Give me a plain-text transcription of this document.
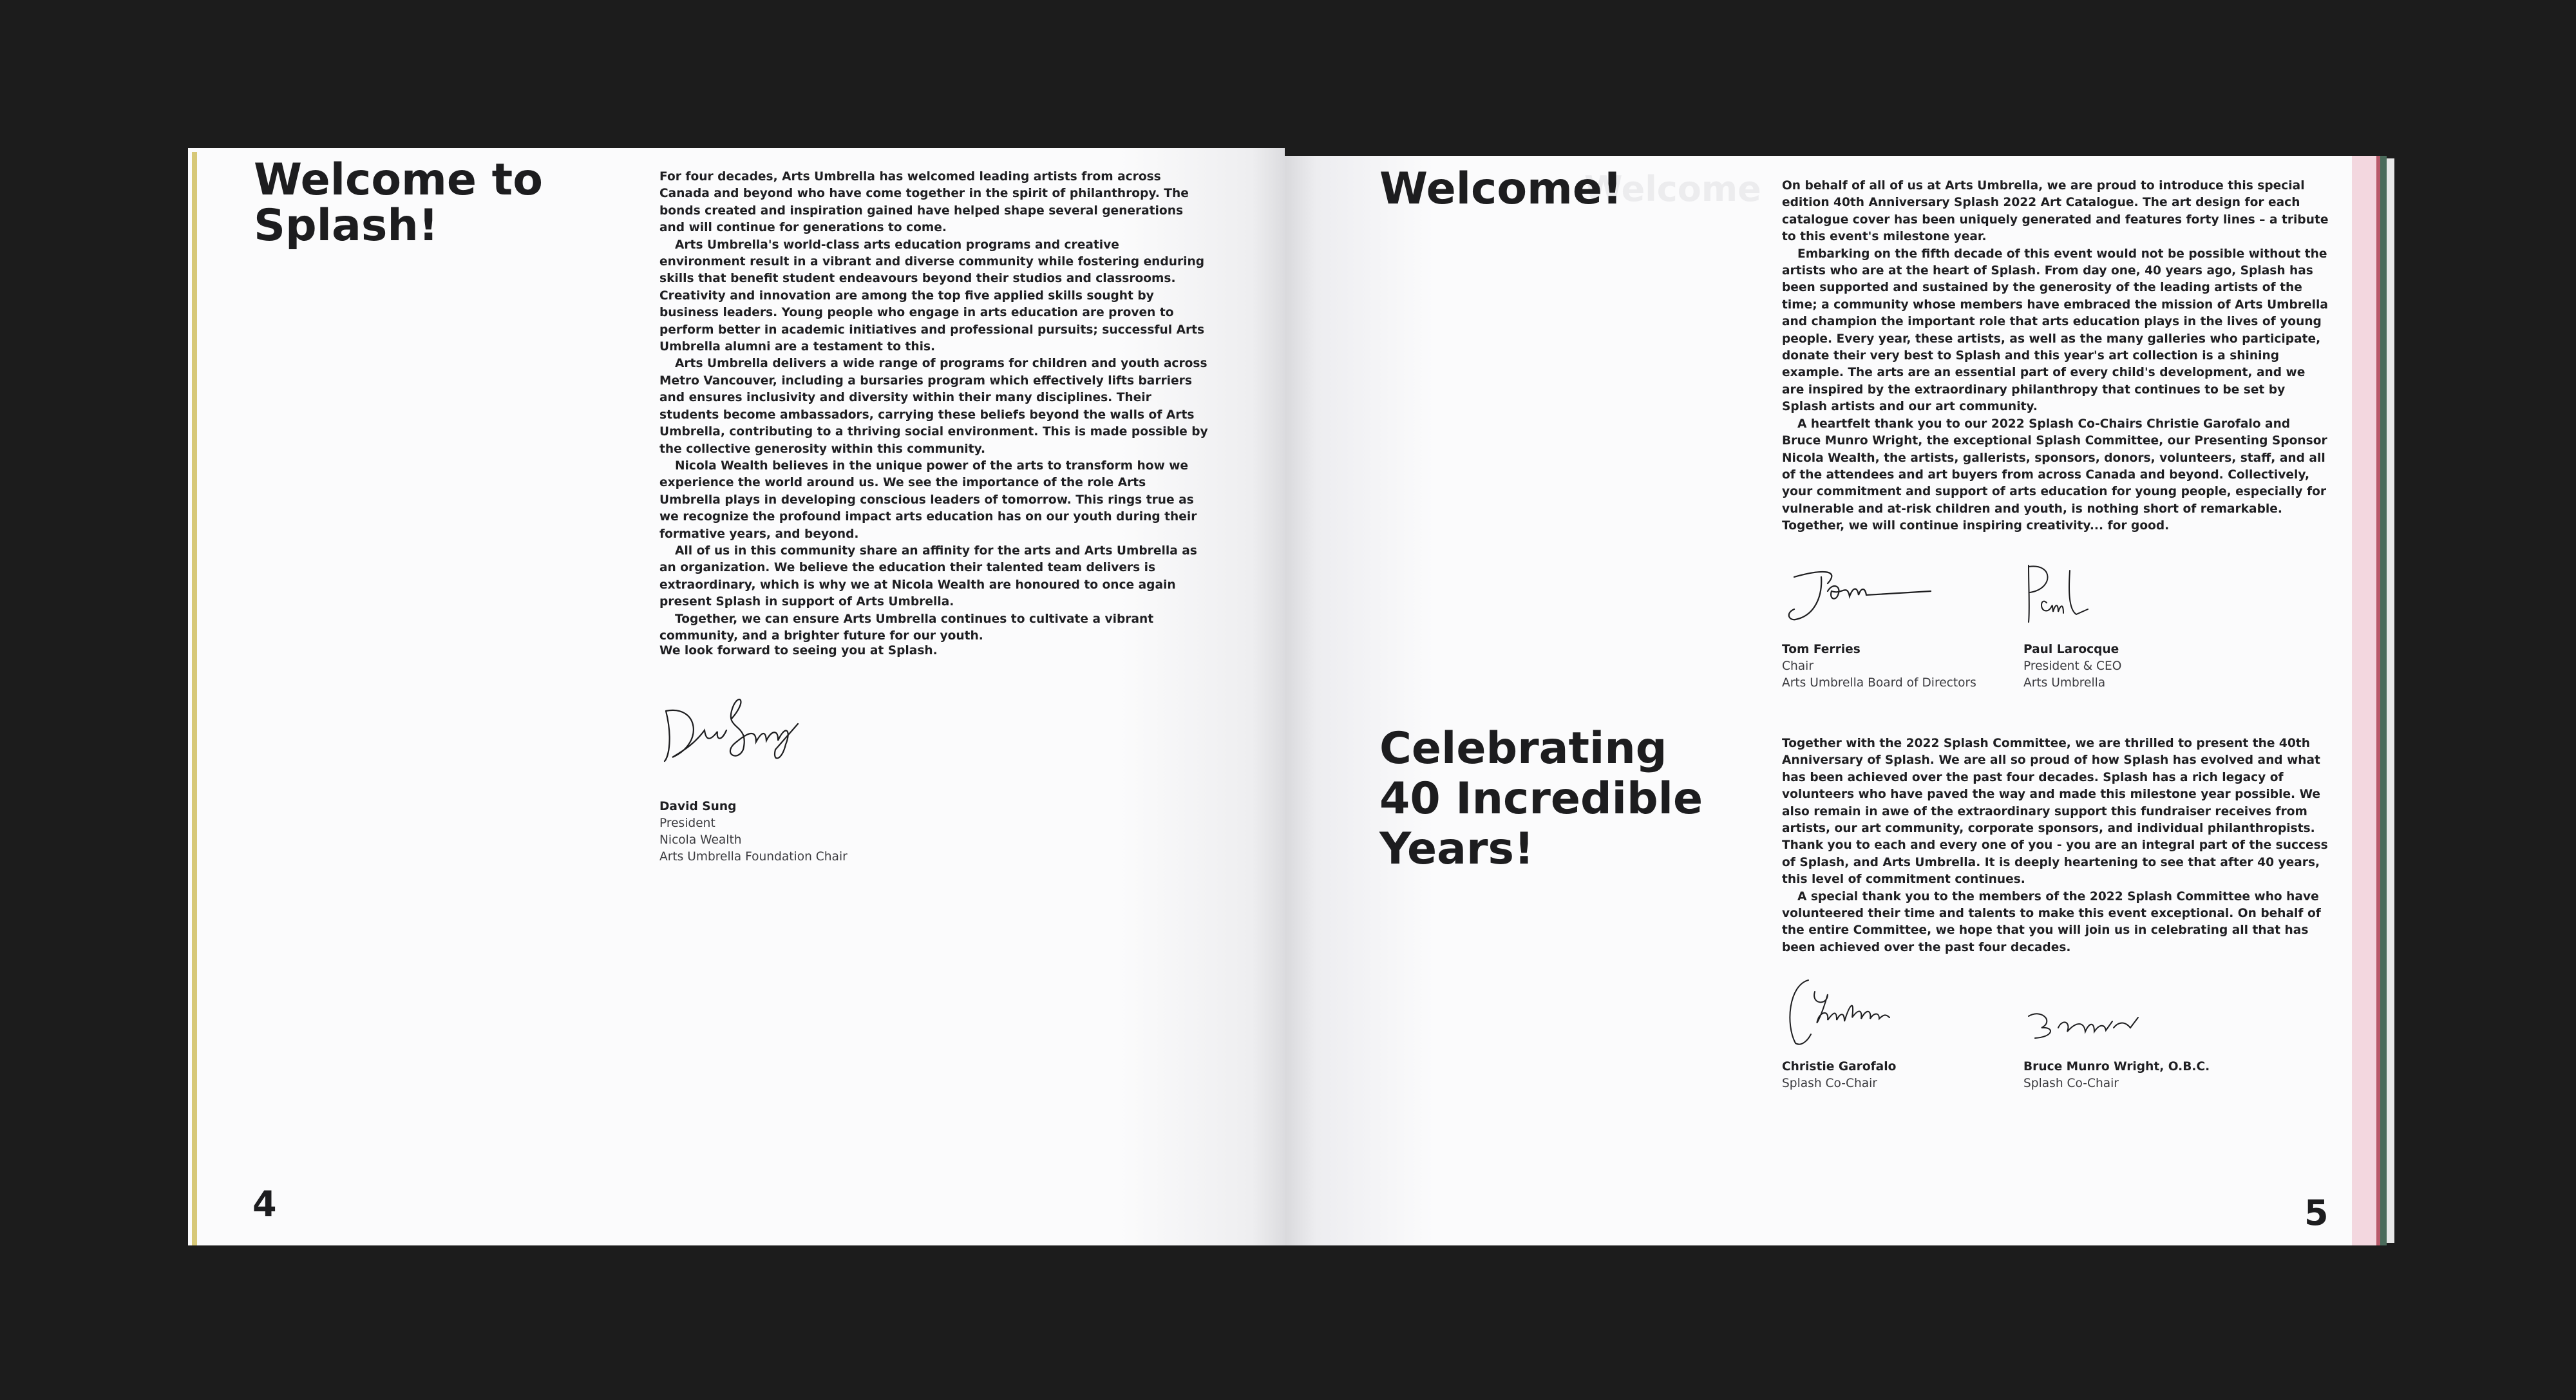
Welcome to Splash!

For four decades, Arts Umbrella has welcomed leading artists from across Canada and beyond who have come together in the spirit of philanthropy. The bonds created and inspiration gained have helped shape several generations and will continue for generations to come.

Arts Umbrella's world-class arts education programs and creative environment result in a vibrant and diverse community while fostering enduring skills that benefit student endeavours beyond their studios and classrooms. Creativity and innovation are among the top five applied skills sought by business leaders. Young people who engage in arts education are proven to perform better in academic initiatives and professional pursuits; successful Arts Umbrella alumni are a testament to this.

Arts Umbrella delivers a wide range of programs for children and youth across Metro Vancouver, including a bursaries program which effectively lifts barriers and ensures inclusivity and diversity within their many disciplines. Their students become ambassadors, carrying these beliefs beyond the walls of Arts Umbrella, contributing to a thriving social environment. This is made possible by the collective generosity within this community.

Nicola Wealth believes in the unique power of the arts to transform how we experience the world around us. We see the importance of the role Arts Umbrella plays in developing conscious leaders of tomorrow. This rings true as we recognize the profound impact arts education has on our youth during their formative years, and beyond.

All of us in this community share an affinity for the arts and Arts Umbrella as an organization. We believe the education their talented team delivers is extraordinary, which is why we at Nicola Wealth are honoured to once again present Splash in support of Arts Umbrella.

Together, we can ensure Arts Umbrella continues to cultivate a vibrant community, and a brighter future for our youth.

We look forward to seeing you at Splash.
David Sung
President
Nicola Wealth
Arts Umbrella Foundation Chair
4
Welcome
Welcome!	On behalf of all of us at Arts Umbrella, we are proud to introduce this special edition 40th Anniversary Splash 2022 Art Catalogue. The art design for each catalogue cover has been uniquely generated and features forty lines – a tribute to this event's milestone year.

Embarking on the fifth decade of this event would not be possible without the artists who are at the heart of Splash. From day one, 40 years ago, Splash has been supported and sustained by the generosity of the leading artists of the time; a community whose members have embraced the mission of Arts Umbrella and champion the important role that arts education plays in the lives of young people. Every year, these artists, as well as the many galleries who participate, donate their very best to Splash and this year's art collection is a shining example. The arts are an essential part of every child's development, and we are inspired by the extraordinary philanthropy that continues to be set by Splash artists and our art community.

A heartfelt thank you to our 2022 Splash Co-Chairs Christie Garofalo and Bruce Munro Wright, the exceptional Splash Committee, our Presenting Sponsor Nicola Wealth, the artists, gallerists, sponsors, donors, volunteers, staff, and all of the attendees and art buyers from across Canada and beyond. Collectively, your commitment and support of arts education for young people, especially for vulnerable and at-risk children and youth, is nothing short of remarkable.

Together, we will continue inspiring creativity... for good.

Tom Ferries
Chair
Arts Umbrella Board of Directors
Paul Larocque
President & CEO
Arts Umbrella
Celebrating 40 Incredible Years!

Together with the 2022 Splash Committee, we are thrilled to present the 40th Anniversary of Splash. We are all so proud of how Splash has evolved and what has been achieved over the past four decades. Splash has a rich legacy of volunteers who have paved the way and made this milestone year possible. We also remain in awe of the extraordinary support this fundraiser receives from artists, our art community, corporate sponsors, and individual philanthropists. Thank you to each and every one of you - you are an integral part of the success of Splash, and Arts Umbrella. It is deeply heartening to see that after 40 years, this level of commitment continues.

A special thank you to the members of the 2022 Splash Committee who have volunteered their time and talents to make this event exceptional. On behalf of the entire Committee, we hope that you will join us in celebrating all that has been achieved over the past four decades.

Christie Garofalo
Splash Co-Chair
Bruce Munro Wright, O.B.C.
Splash Co-Chair
5
